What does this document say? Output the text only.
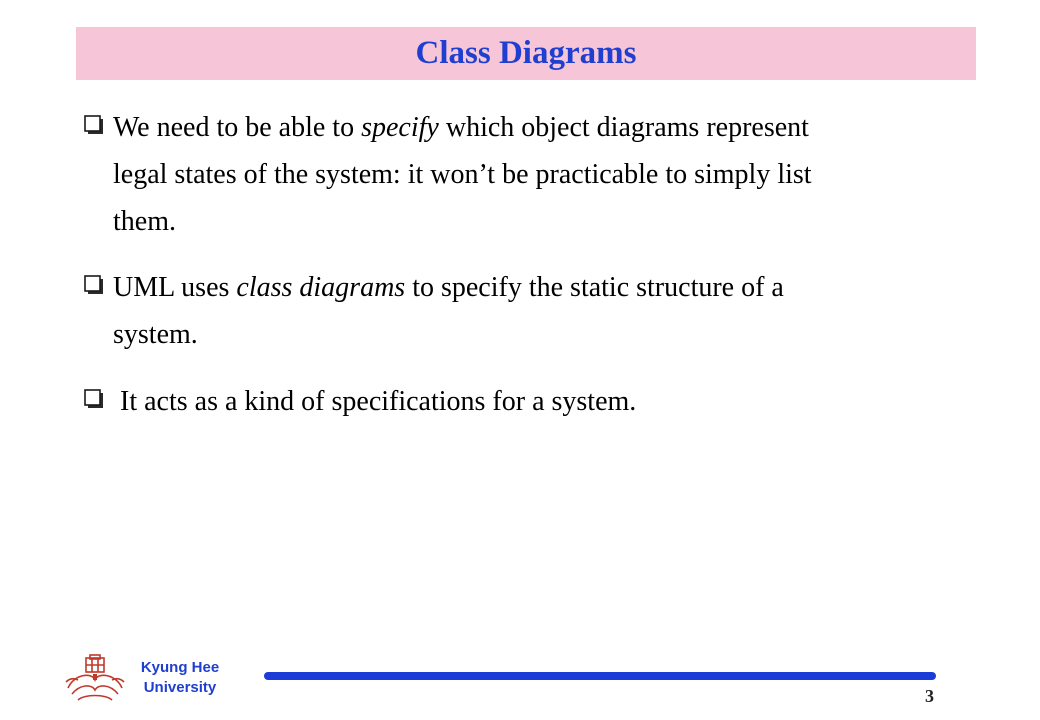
Class Diagrams
We need to be able to specify which object diagrams represent
legal states of the system: it won’t be practicable to simply list
them.
UML uses class diagrams to specify the static structure of a
system.
It acts as a kind of specifications for a system.
Kyung Hee
University	3
